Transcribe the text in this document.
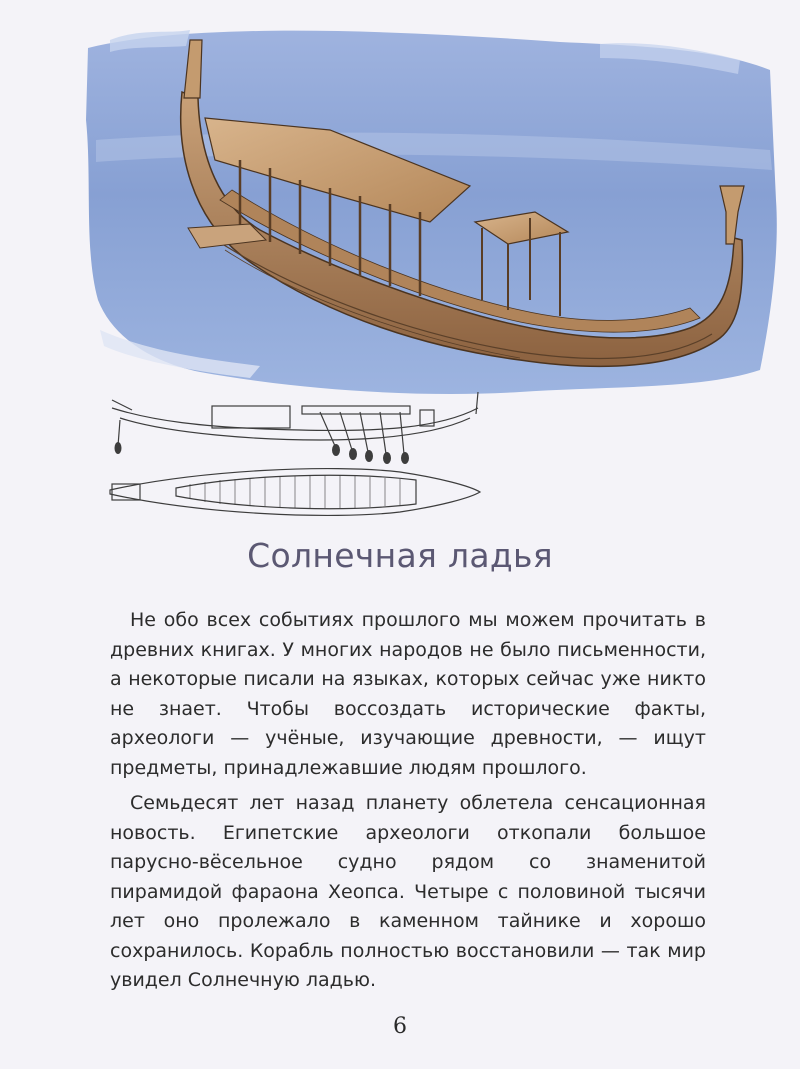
Солнечная ладья

Не обо всех событиях прошлого мы можем прочитать в древних книгах. У многих народов не было письменности, а некоторые писали на языках, которых сейчас уже никто не знает. Чтобы воссоздать исторические факты, археологи — учёные, изучающие древности, — ищут предметы, принадлежавшие людям прошлого.

Семьдесят лет назад планету облетела сенсационная новость. Египетские археологи откопали большое парусно-вёсельное судно рядом со знаменитой пирамидой фараона Хеопса. Четыре с половиной тысячи лет оно пролежало в каменном тайнике и хорошо сохранилось. Корабль полностью восстановили — так мир увидел Солнечную ладью.

6
